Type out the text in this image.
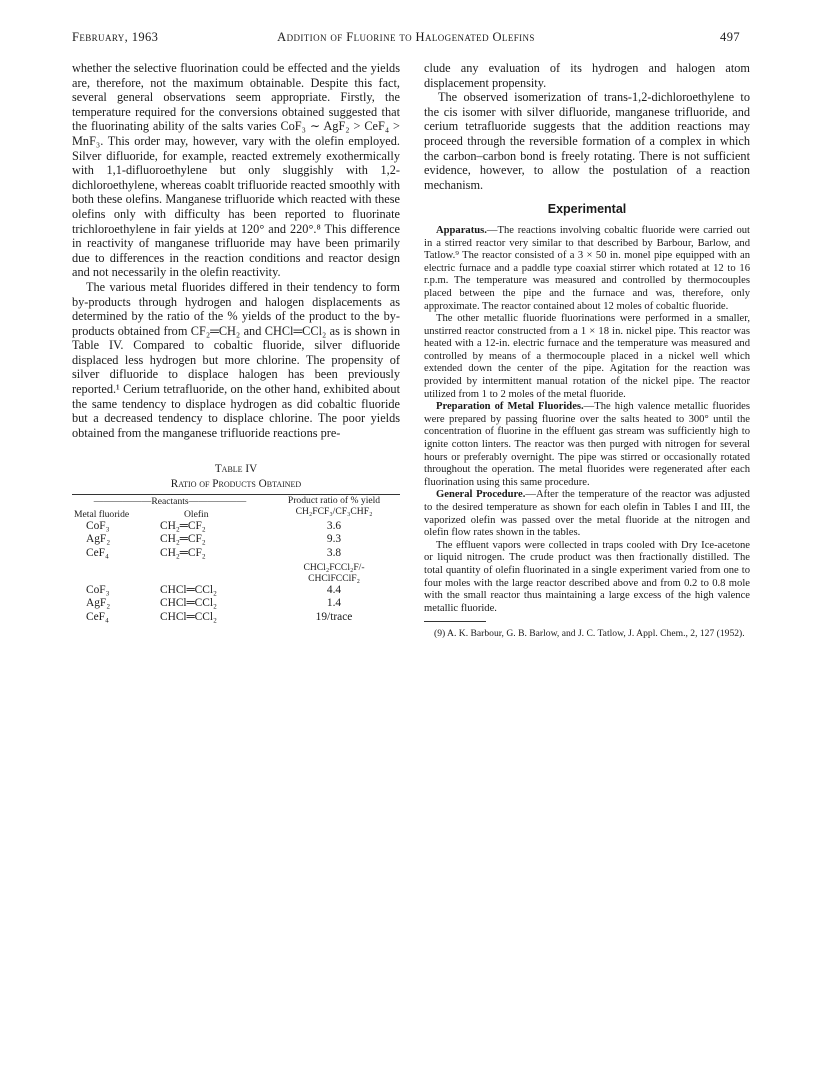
February, 1963	Addition of Fluorine to Halogenated Olefins	497

whether the selective fluorination could be effected and the yields are, therefore, not the maximum obtainable. Despite this fact, several general observations seem appropriate. Firstly, the temperature required for the conversions obtained suggested that the fluorinating ability of the salts varies CoF₃ ∼ AgF₂ > CeF₄ > MnF₃. This order may, however, vary with the olefin employed. Silver difluoride, for example, reacted extremely exothermically with 1,1-difluoroethylene but only sluggishly with 1,2-dichloroethylene, whereas coablt trifluoride reacted smoothly with both these olefins. Manganese trifluoride which reacted with these olefins only with difficulty has been reported to fluorinate trichloroethylene in fair yields at 120° and 220°.⁸ This difference in reactivity of manganese trifluoride may have been primarily due to differences in the reaction conditions and reactor design and not necessarily in the olefin reactivity.

The various metal fluorides differed in their tendency to form by-products through hydrogen and halogen displacements as determined by the ratio of the % yields of the product to the by-products obtained from CF₂═CH₂ and CHCl═CCl₂ as is shown in Table IV. Compared to cobaltic fluoride, silver difluoride displaced less hydrogen but more chlorine. The propensity of silver difluoride to displace halogen has been previously reported.¹ Cerium tetrafluoride, on the other hand, exhibited about the same tendency to displace hydrogen as did cobaltic fluoride but a decreased tendency to displace chlorine. The poor yields obtained from the manganese trifluoride reactions pre-

Table IV
Ratio of Products Obtained
——————Reactants——————		Product ratio of % yield
CH₂FCF₃/CF₃CHF₂

Metal fluoride	Olefin	
CoF₃	CH₂═CF₂	3.6
AgF₂	CH₂═CF₂	9.3
CeF₄	CH₂═CF₂	3.8

		CHCl₂FCCl₂F/-
CHClFCClF₂

CoF₃	CHCl═CCl₂	4.4
AgF₂	CHCl═CCl₂	1.4
CeF₄	CHCl═CCl₂	19/trace

clude any evaluation of its hydrogen and halogen atom displacement propensity.

The observed isomerization of trans-1,2-dichloroethylene to the cis isomer with silver difluoride, manganese trifluoride, and cerium tetrafluoride suggests that the addition reactions may proceed through the reversible formation of a complex in which the carbon–carbon bond is freely rotating. There is not sufficient evidence, however, to allow the postulation of a reaction mechanism.

Experimental

Apparatus.—The reactions involving cobaltic fluoride were carried out in a stirred reactor very similar to that described by Barbour, Barlow, and Tatlow.⁹ The reactor consisted of a 3 × 50 in. monel pipe equipped with an electric furnace and a paddle type coaxial stirrer which rotated at 12 to 16 r.p.m. The temperature was measured and controlled by thermocouples placed between the pipe and the furnace and was, therefore, only approximate. The reactor contained about 12 moles of cobaltic fluoride.

The other metallic fluoride fluorinations were performed in a smaller, unstirred reactor constructed from a 1 × 18 in. nickel pipe. This reactor was heated with a 12-in. electric furnace and the temperature was measured and controlled by means of a thermocouple placed in a nickel well which extended down the center of the pipe. Agitation for the reaction was provided by intermittent manual rotation of the nickel pipe. The reactor utilized from 1 to 2 moles of the metal fluoride.

Preparation of Metal Fluorides.—The high valence metallic fluorides were prepared by passing fluorine over the salts heated to 300° until the concentration of fluorine in the effluent gas stream was sufficiently high to ignite cotton linters. The reactor was then purged with nitrogen for several hours or preferably overnight. The pipe was stirred or occasionally rotated throughout the operation. The metal fluorides were regenerated after each fluorination using this same procedure.

General Procedure.—After the temperature of the reactor was adjusted to the desired temperature as shown for each olefin in Tables I and III, the vaporized olefin was passed over the metal fluoride at the nitrogen and olefin flow rates shown in the tables.

The effluent vapors were collected in traps cooled with Dry Ice-acetone or liquid nitrogen. The crude product was then fractionally distilled. The total quantity of olefin fluorinated in a single experiment varied from one to four moles with the large reactor described above and from 0.2 to 0.8 mole with the small reactor thus maintaining a large excess of the high valence metallic fluoride.

(9) A. K. Barbour, G. B. Barlow, and J. C. Tatlow, J. Appl. Chem., 2, 127 (1952).
